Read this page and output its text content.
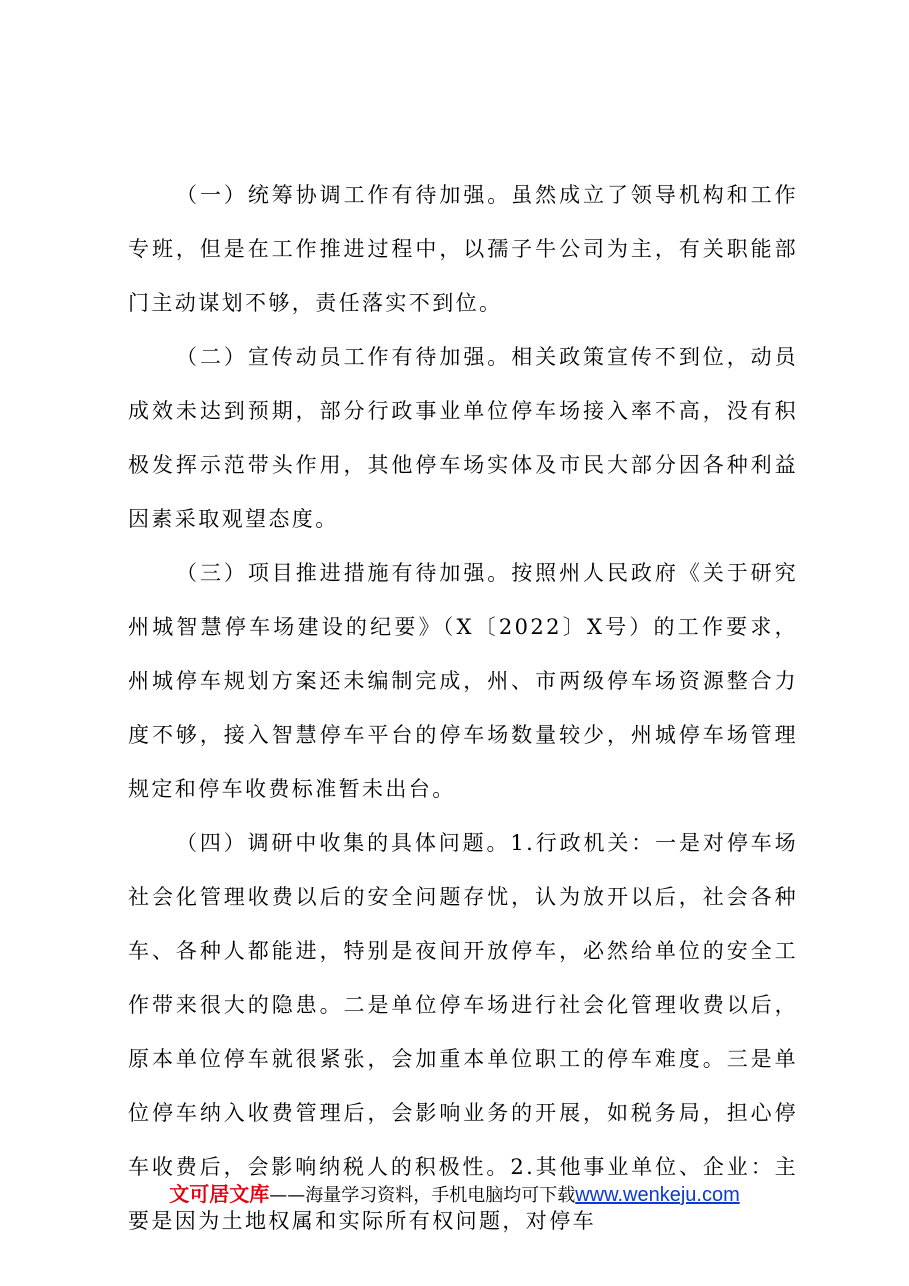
（一）统筹协调工作有待加强。虽然成立了领导机构和工作专班，但是在工作推进过程中，以孺子牛公司为主，有关职能部门主动谋划不够，责任落实不到位。

（二）宣传动员工作有待加强。相关政策宣传不到位，动员成效未达到预期，部分行政事业单位停车场接入率不高，没有积极发挥示范带头作用，其他停车场实体及市民大部分因各种利益因素采取观望态度。

（三）项目推进措施有待加强。按照州人民政府《关于研究州城智慧停车场建设的纪要》（X〔2022〕X号）的工作要求，州城停车规划方案还未编制完成，州、市两级停车场资源整合力度不够，接入智慧停车平台的停车场数量较少，州城停车场管理规定和停车收费标准暂未出台。

（四）调研中收集的具体问题。1.行政机关：一是对停车场社会化管理收费以后的安全问题存忧，认为放开以后，社会各种车、各种人都能进，特别是夜间开放停车，必然给单位的安全工作带来很大的隐患。二是单位停车场进行社会化管理收费以后，原本单位停车就很紧张，会加重本单位职工的停车难度。三是单位停车纳入收费管理后，会影响业务的开展，如税务局，担心停车收费后，会影响纳税人的积极性。2.其他事业单位、企业：主要是因为土地权属和实际所有权问题，对停车

文可居文库——海量学习资料，手机电脑均可下载www.wenkeju.com
